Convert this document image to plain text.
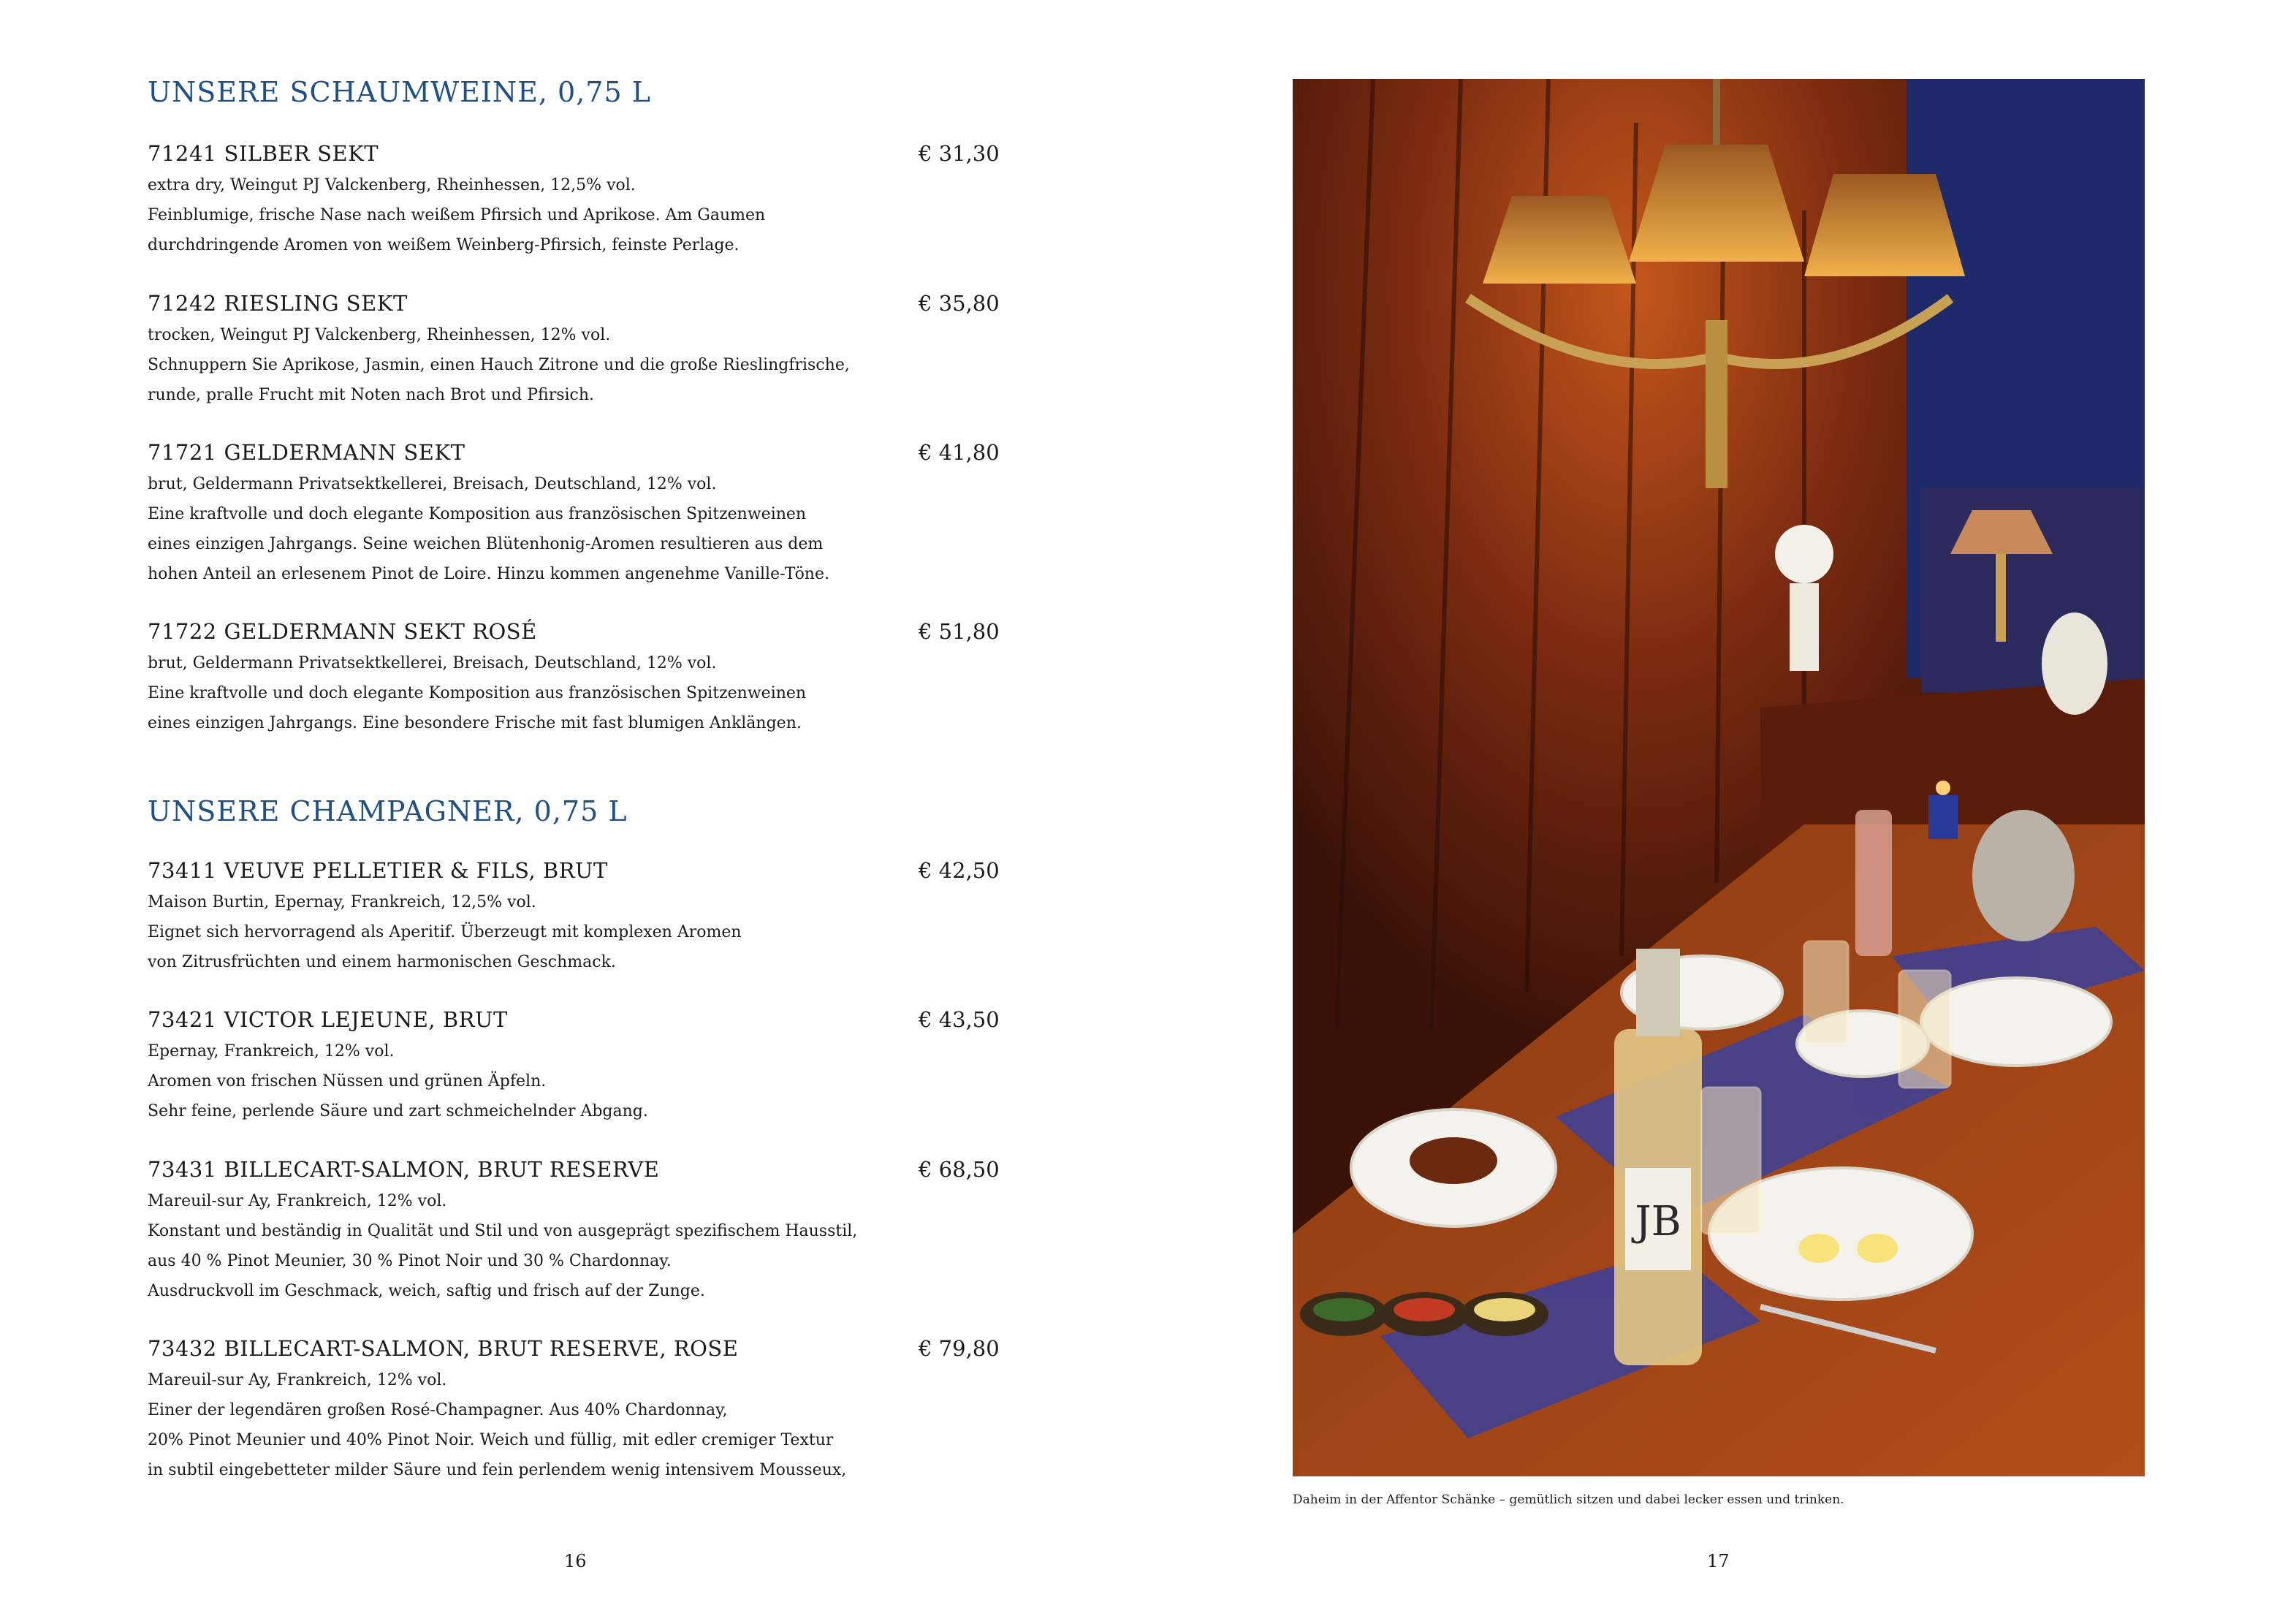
UNSERE SCHAUMWEINE, 0,75 L
71241 SILBER SEKT	€ 31,30
extra dry, Weingut PJ Valckenberg, Rheinhessen, 12,5% vol.
Feinblumige, frische Nase nach weißem Pfirsich und Aprikose. Am Gaumen
durchdringende Aromen von weißem Weinberg-Pfirsich, feinste Perlage.
71242 RIESLING SEKT	€ 35,80
trocken, Weingut PJ Valckenberg, Rheinhessen, 12% vol.
Schnuppern Sie Aprikose, Jasmin, einen Hauch Zitrone und die große Rieslingfrische,
runde, pralle Frucht mit Noten nach Brot und Pfirsich.
71721 GELDERMANN SEKT	€ 41,80
brut, Geldermann Privatsektkellerei, Breisach, Deutschland, 12% vol.
Eine kraftvolle und doch elegante Komposition aus französischen Spitzenweinen
eines einzigen Jahrgangs. Seine weichen Blütenhonig-Aromen resultieren aus dem
hohen Anteil an erlesenem Pinot de Loire. Hinzu kommen angenehme Vanille-Töne.
71722 GELDERMANN SEKT ROSÉ	€ 51,80
brut, Geldermann Privatsektkellerei, Breisach, Deutschland, 12% vol.
Eine kraftvolle und doch elegante Komposition aus französischen Spitzenweinen
eines einzigen Jahrgangs. Eine besondere Frische mit fast blumigen Anklängen.
UNSERE CHAMPAGNER, 0,75 L
73411 VEUVE PELLETIER & FILS, BRUT	€ 42,50
Maison Burtin, Epernay, Frankreich, 12,5% vol.
Eignet sich hervorragend als Aperitif. Überzeugt mit komplexen Aromen
von Zitrusfrüchten und einem harmonischen Geschmack.
73421 VICTOR LEJEUNE, BRUT	€ 43,50
Epernay, Frankreich, 12% vol.
Aromen von frischen Nüssen und grünen Äpfeln.
Sehr feine, perlende Säure und zart schmeichelnder Abgang.
73431 BILLECART-SALMON, BRUT RESERVE	€ 68,50
Mareuil-sur Ay, Frankreich, 12% vol.
Konstant und beständig in Qualität und Stil und von ausgeprägt spezifischem Hausstil,
aus 40 % Pinot Meunier, 30 % Pinot Noir und 30 % Chardonnay.
Ausdruckvoll im Geschmack, weich, saftig und frisch auf der Zunge.
73432 BILLECART-SALMON, BRUT RESERVE, ROSE	€ 79,80
Mareuil-sur Ay, Frankreich, 12% vol.
Einer der legendären großen Rosé-Champagner. Aus 40% Chardonnay,
20% Pinot Meunier und 40% Pinot Noir. Weich und füllig, mit edler cremiger Textur
in subtil eingebetteter milder Säure und fein perlendem wenig intensivem Mousseux,
16
JB
Daheim in der Affentor Schänke – gemütlich sitzen und dabei lecker essen und trinken.
17
